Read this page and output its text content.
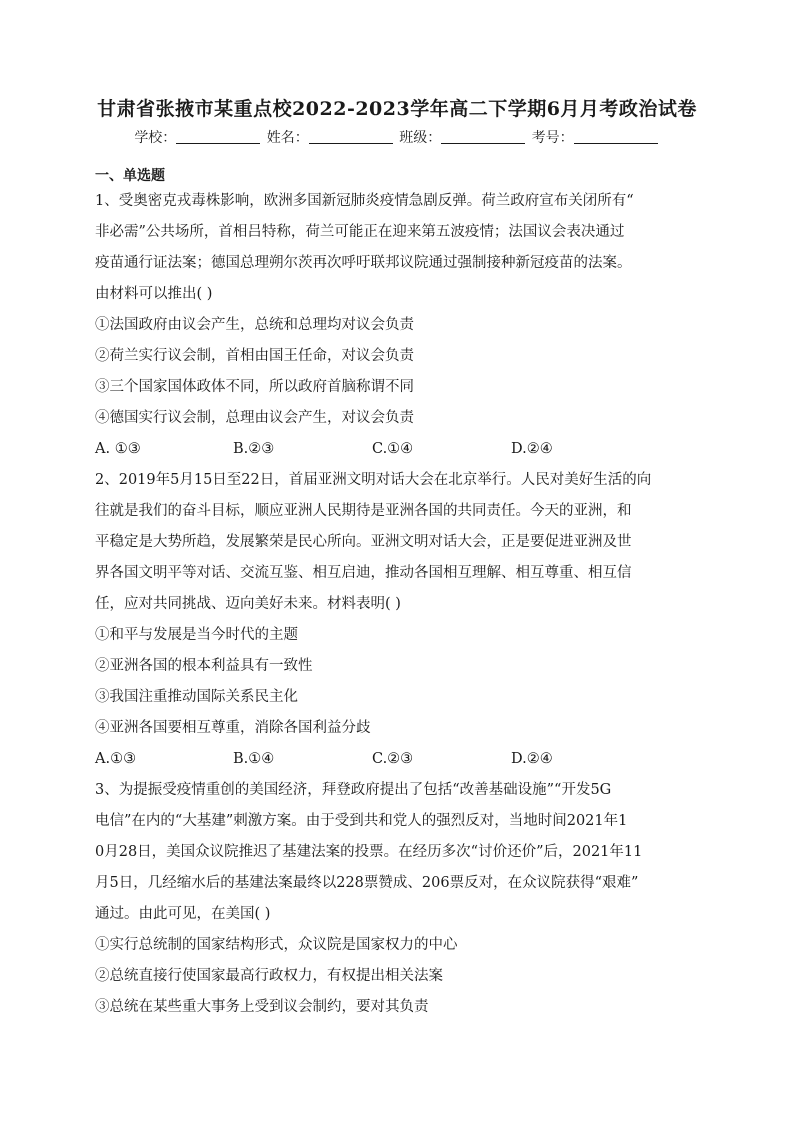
甘肃省张掖市某重点校2022-2023学年高二下学期6月月考政治试卷
学校：	姓名：	班级：	考号：
一、单选题
1、受奥密克戎毒株影响，欧洲多国新冠肺炎疫情急剧反弹。荷兰政府宣布关闭所有“
非必需”公共场所，首相吕特称，荷兰可能正在迎来第五波疫情；法国议会表决通过
疫苗通行证法案；德国总理朔尔茨再次呼吁联邦议院通过强制接种新冠疫苗的法案。
由材料可以推出( )
①法国政府由议会产生，总统和总理均对议会负责
②荷兰实行议会制，首相由国王任命，对议会负责
③三个国家国体政体不同，所以政府首脑称谓不同
④德国实行议会制，总理由议会产生，对议会负责
A. ①③	B.②③	C.①④	D.②④
2、2019年5月15日至22日，首届亚洲文明对话大会在北京举行。人民对美好生活的向
往就是我们的奋斗目标，顺应亚洲人民期待是亚洲各国的共同责任。今天的亚洲，和
平稳定是大势所趋，发展繁荣是民心所向。亚洲文明对话大会，正是要促进亚洲及世
界各国文明平等对话、交流互鉴、相互启迪，推动各国相互理解、相互尊重、相互信
任，应对共同挑战、迈向美好未来。材料表明( )
①和平与发展是当今时代的主题
②亚洲各国的根本利益具有一致性
③我国注重推动国际关系民主化
④亚洲各国要相互尊重，消除各国利益分歧
A.①③	B.①④	C.②③	D.②④
3、为提振受疫情重创的美国经济，拜登政府提出了包括“改善基础设施”“开发5G
电信”在内的“大基建”刺激方案。由于受到共和党人的强烈反对，当地时间2021年1
0月28日，美国众议院推迟了基建法案的投票。在经历多次“讨价还价”后，2021年11
月5日，几经缩水后的基建法案最终以228票赞成、206票反对，在众议院获得“艰难”
通过。由此可见，在美国( )
①实行总统制的国家结构形式，众议院是国家权力的中心
②总统直接行使国家最高行政权力，有权提出相关法案
③总统在某些重大事务上受到议会制约，要对其负责
